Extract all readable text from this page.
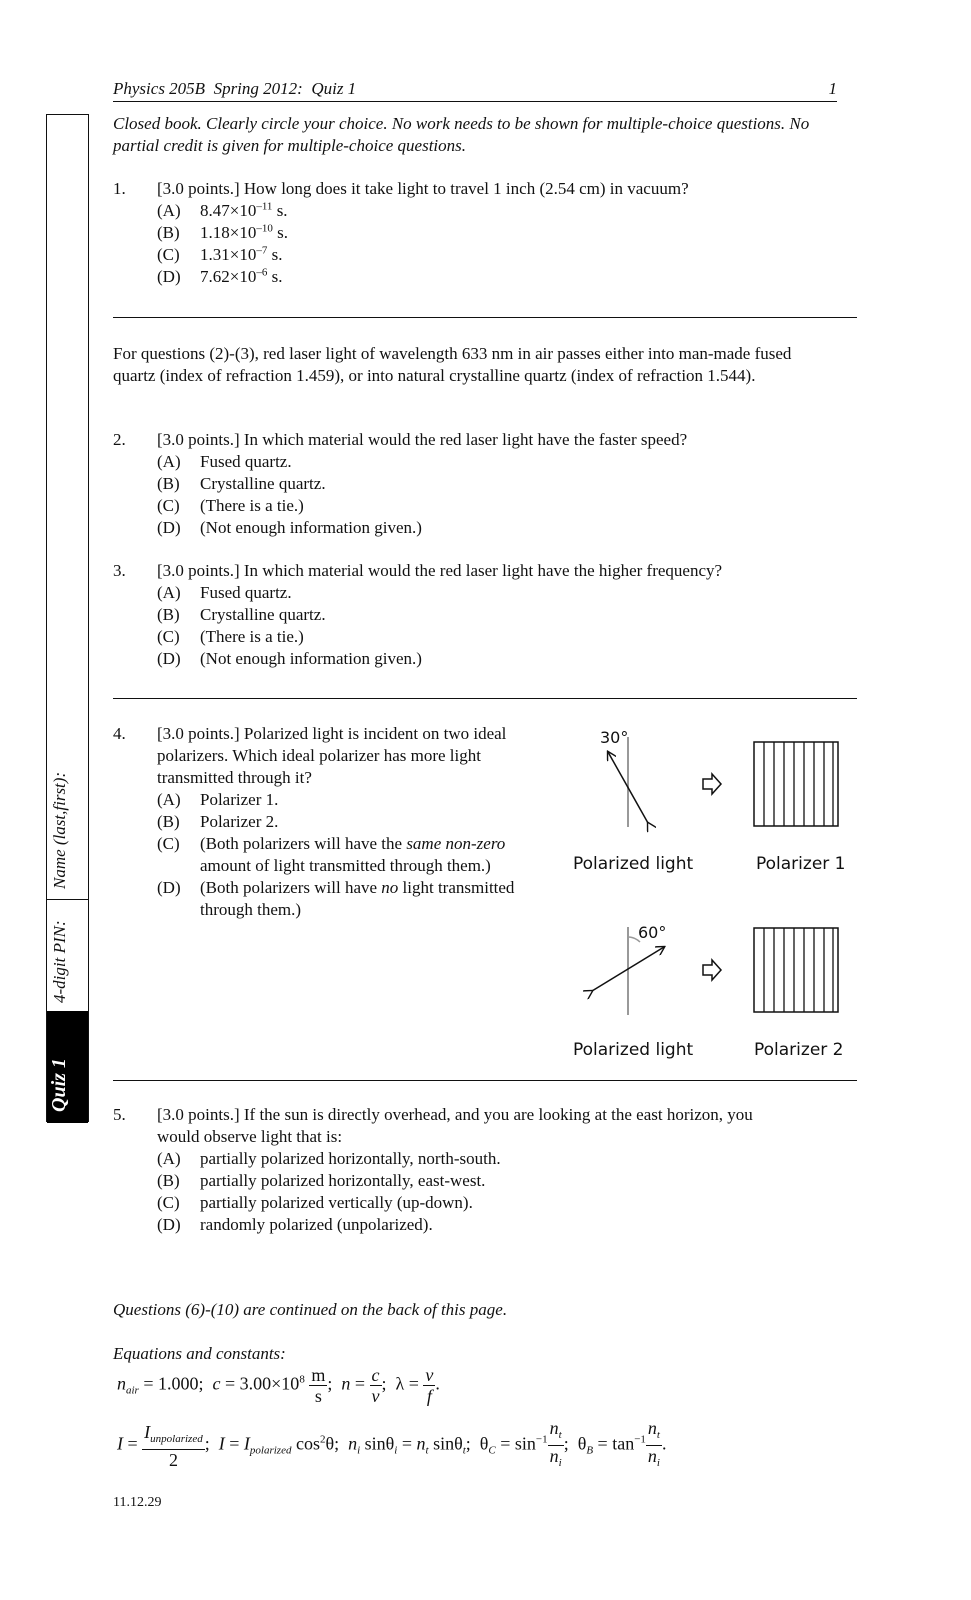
Physics 205B  Spring 2012:  Quiz 1	1
Name (last,first):
4-digit PIN:
Quiz 1
Closed book. Clearly circle your choice. No work needs to be shown for multiple-choice questions. No partial credit is given for multiple-choice questions.
1. [3.0 points.] How long does it take light to travel 1 inch (2.54 cm) in vacuum?
(A) $8.47\times 10^{-11}$ s.
(B) $1.18\times 10^{-10}$ s.
(C) $1.31\times 10^{-7}$ s.
(D) $7.62\times 10^{-6}$ s.
For questions (2)-(3), red laser light of wavelength 633 nm in air passes either into man-made fused quartz (index of refraction 1.459), or into natural crystalline quartz (index of refraction 1.544).
2. [3.0 points.] In which material would the red laser light have the faster speed?
(A) Fused quartz.
(B) Crystalline quartz.
(C) (There is a tie.)
(D) (Not enough information given.)
3. [3.0 points.] In which material would the red laser light have the higher frequency?
(A) Fused quartz.
(B) Crystalline quartz.
(C) (There is a tie.)
(D) (Not enough information given.)
4. [3.0 points.] Polarized light is incident on two ideal
polarizers. Which ideal polarizer has more light
transmitted through it?
(A) Polarizer 1.
(B) Polarizer 2.
(C) (Both polarizers will have the same non-zero
amount of light transmitted through them.)
(D) (Both polarizers will have no light transmitted
through them.)
30°
60°
Polarized light	Polarizer 1
Polarized light	Polarizer 2
5. [3.0 points.] If the sun is directly overhead, and you are looking at the east horizon, you
would observe light that is:
(A) partially polarized horizontally, north-south.
(B) partially polarized horizontally, east-west.
(C) partially polarized vertically (up-down).
(D) randomly polarized (unpolarized).
Questions (6)-(10) are continued on the back of this page.
Equations and constants:
$n_{air} = 1.000$;  $c = 3.00\times 10^8 \frac{m}{s}$ ;  $n = \frac{c}{v}$ ;  $\lambda = \frac{v}{f}$ .
$I = \frac{I_{unpolarized}}{2}$ ;  $I = I_{polarized}$ $\cos^2\theta$;  $n_i$ $\sin\theta_i = n_t$ sinθ$_t$;  $\theta_C = \sin^{-1} \frac{n_t}{n_i}$ ;  $\theta_B = \tan^{-1} \frac{n_t}{n_i}$ .
11.12.29
